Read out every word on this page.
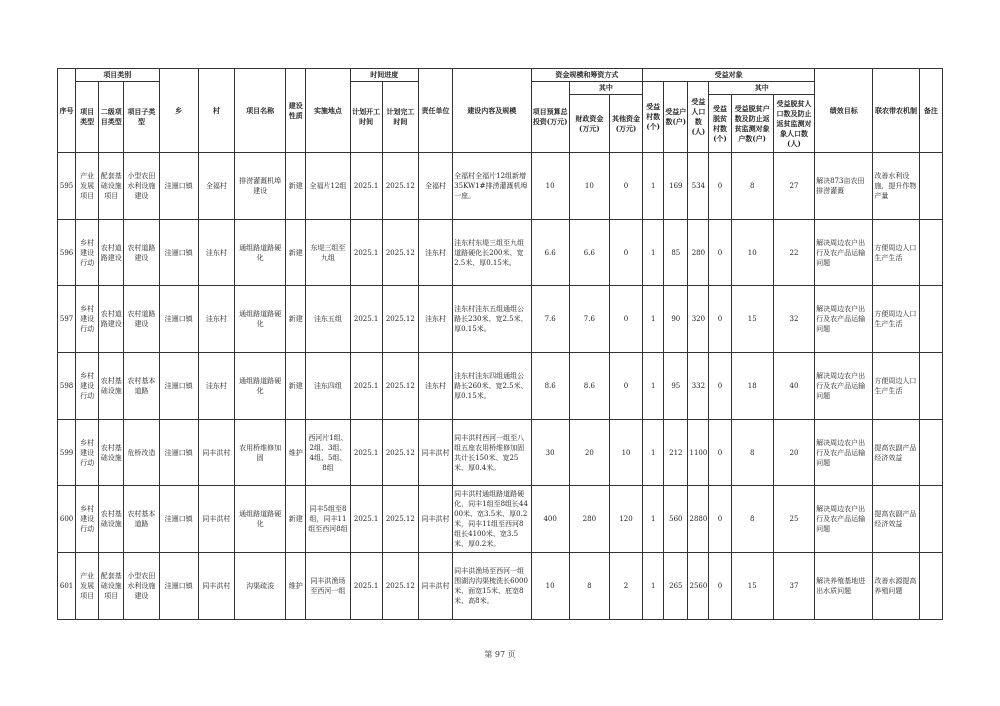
序号	项目类别			乡	村	项目名称	建设性质	实施地点	时间进度		责任单位	建设内容及规模	资金规模和筹资方式			受益对象						绩效目标	联农带农机制	备注
	项目类型	二级项目类型	项目子类型						计划开工时间	计划完工时间			项目预算总投资(万元)	其中		受益村数(个)	受益户数(户)	受益人口数(人)	其中					
														财政资金(万元)	其他资金(万元)				受益脱贫村数(个)	受益脱贫户数及防止返贫监测对象户数(户)	受益脱贫人口数及防止返贫监测对象人口数(人)			
595	产业发展项目	配套基础设施项目	小型农田水利设施建设	洼逦口镇	全福村	排涝灌溉机埠建设	新建	全福片12组	2025.1	2025.12	全福村	全福村全福片12组新增35KW1#排涝灌溉机埠一座。	10	10	0	1	169	534	0	8	27	解决873亩农田排涝灌溉	改善水利设施，提升作物产量	
596	乡村建设行动	农村道路建设	农村道路建设	洼逦口镇	洼东村	通组路道路硬化	新建	东堤三组至九组	2025.1	2025.12	洼东村	洼东村东堤三组至九组道路硬化长200米、宽2.5米、厚0.15米。	6.6	6.6	0	1	85	280	0	10	22	解决周边农户出行及农产品运输问题	方便周边人口生产生活	
597	乡村建设行动	农村道路建设	农村道路建设	洼逦口镇	洼东村	通组路道路硬化	新建	洼东五组	2025.1	2025.12	洼东村	洼东村洼东五组通组公路长230米、宽2.5米、厚0.15米。	7.6	7.6	0	1	90	320	0	15	32	解决周边农户出行及农产品运输问题	方便周边人口生产生活	
598	乡村建设行动	农村基础设施	农村基本道路	洼逦口镇	洼东村	通组路道路硬化	新建	洼东四组	2025.1	2025.12	洼东村	洼东村洼东四组通组公路长260米、宽2.5米、厚0.15米。	8.6	8.6	0	1	95	332	0	18	40	解决周边农户出行及农产品运输问题	方便周边人口生产生活	
599	乡村建设行动	农村基础设施	危桥改造	洼逦口镇	同丰洪村	农用桥维修加固	维护	西河片1组、2组、3组、4组、5组、8组	2025.1	2025.12	同丰洪村	同丰洪村西河一组至八组五座农用桥维修加固共计长150米、宽25米、厚0.4米。	30	20	10	1	212	1100	0	8	20	解决周边农户出行及农产品运输问题	提高农副产品经济效益	
600	乡村建设行动	农村基础设施	农村基本道路	洼逦口镇	同丰洪村	通组路道路硬化	新建	同丰5组至8组，同丰11组至西河8组	2025.1	2025.12	同丰洪村	同丰洪村通组路道路硬化，同丰1组至8组长4400米、宽3.5米、厚0.2米，同丰11组至西河8组长4100米、宽3.5米、厚0.2米。	400	280	120	1	560	2880	0	8	25	解决周边农户出行及农产品运输问题	提高农副产品经济效益	
601	产业发展项目	配套基础设施项目	小型农田水利设施建设	洼逦口镇	同丰洪村	沟渠疏浚	维护	同丰洪渔场至西河一组	2025.1	2025.12	同丰洪村	同丰洪渔场至西河一组围湖沟沟渠梳洗长6000米、面宽15米、底宽8米、高8米。	10	8	2	1	265	2560	0	15	37	解决养殖基地进出水质问题	改善水源提高养殖问题	
第 97 页
